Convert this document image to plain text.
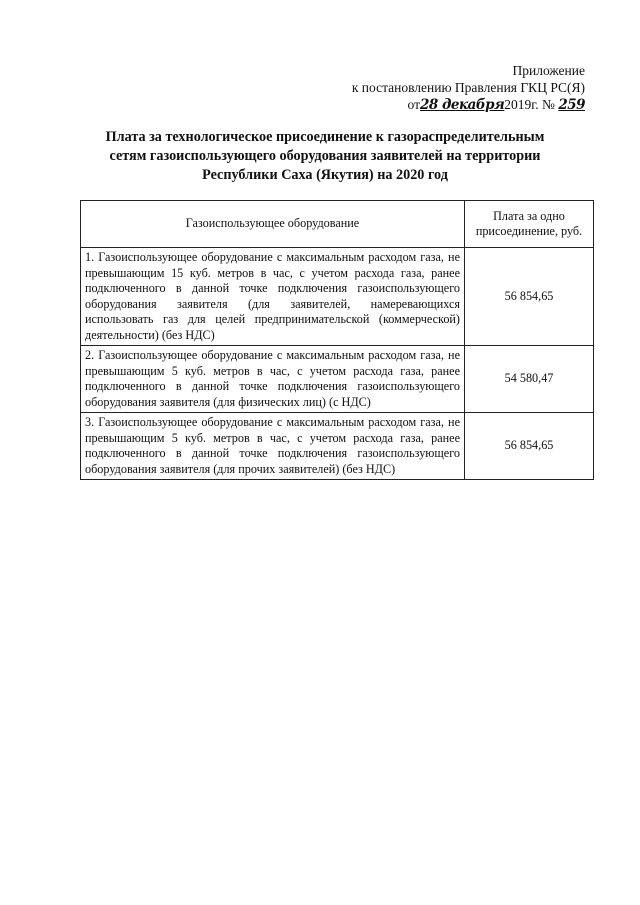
Приложение
к постановлению Правления ГКЦ РС(Я)
от28 декабря2019г. № 259
Плата за технологическое присоединение к газораспределительным
сетям газоиспользующего оборудования заявителей на территории
Республики Саха (Якутия) на 2020 год
Газоиспользующее оборудование	Плата за одно присоединение, руб.
1. Газоиспользующее оборудование с максимальным расходом газа, не превышающим 15 куб. метров в час, с учетом расхода газа, ранее подключенного в данной точке подключения газоиспользующего оборудования заявителя (для заявителей, намеревающихся использовать газ для целей предпринимательской (коммерческой) деятельности) (без НДС)	56 854,65
2. Газоиспользующее оборудование с максимальным расходом газа, не превышающим 5 куб. метров в час, с учетом расхода газа, ранее подключенного в данной точке подключения газоиспользующего оборудования заявителя (для физических лиц) (с НДС)	54 580,47
3. Газоиспользующее оборудование с максимальным расходом газа, не превышающим 5 куб. метров в час, с учетом расхода газа, ранее подключенного в данной точке подключения газоиспользующего оборудования заявителя (для прочих заявителей) (без НДС)	56 854,65
